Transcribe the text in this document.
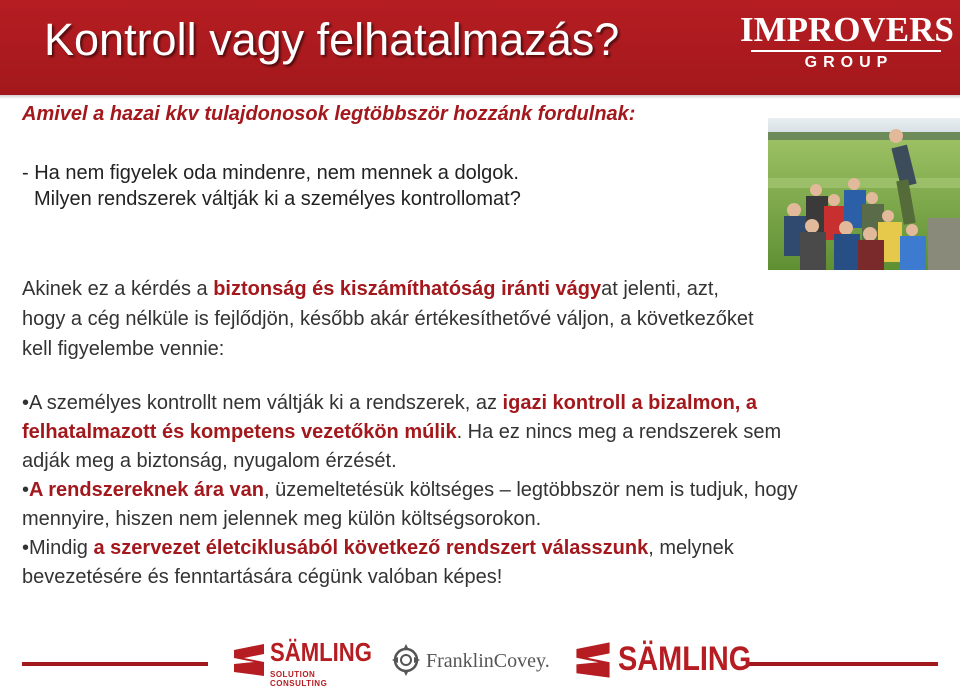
Kontroll vagy felhatalmazás?	IMPROVERS
GROUP
Amivel a hazai kkv tulajdonosok legtöbbször hozzánk fordulnak:
- Ha nem figyelek oda mindenre, nem mennek a dolgok.
Milyen rendszerek váltják ki a személyes kontrollomat?
Akinek ez a kérdés a biztonság és kiszámíthatóság iránti vágyat jelenti, azt, hogy a cég nélküle is fejlődjön, később akár értékesíthetővé váljon, a következőket kell figyelembe vennie:
•A személyes kontrollt nem váltják ki a rendszerek, az igazi kontroll a bizalmon, a felhatalmazott és kompetens vezetőkön múlik. Ha ez nincs meg a rendszerek sem adják meg a biztonság, nyugalom érzését.
•A rendszereknek ára van, üzemeltetésük költséges – legtöbbször nem is tudjuk, hogy mennyire, hiszen nem jelennek meg külön költségsorokon.
•Mindig a szervezet életciklusából következő rendszert válasszunk, melynek bevezetésére és fenntartására cégünk valóban képes!
SÄMLING
SOLUTION CONSULTING
FranklinCovey. SÄMLING
